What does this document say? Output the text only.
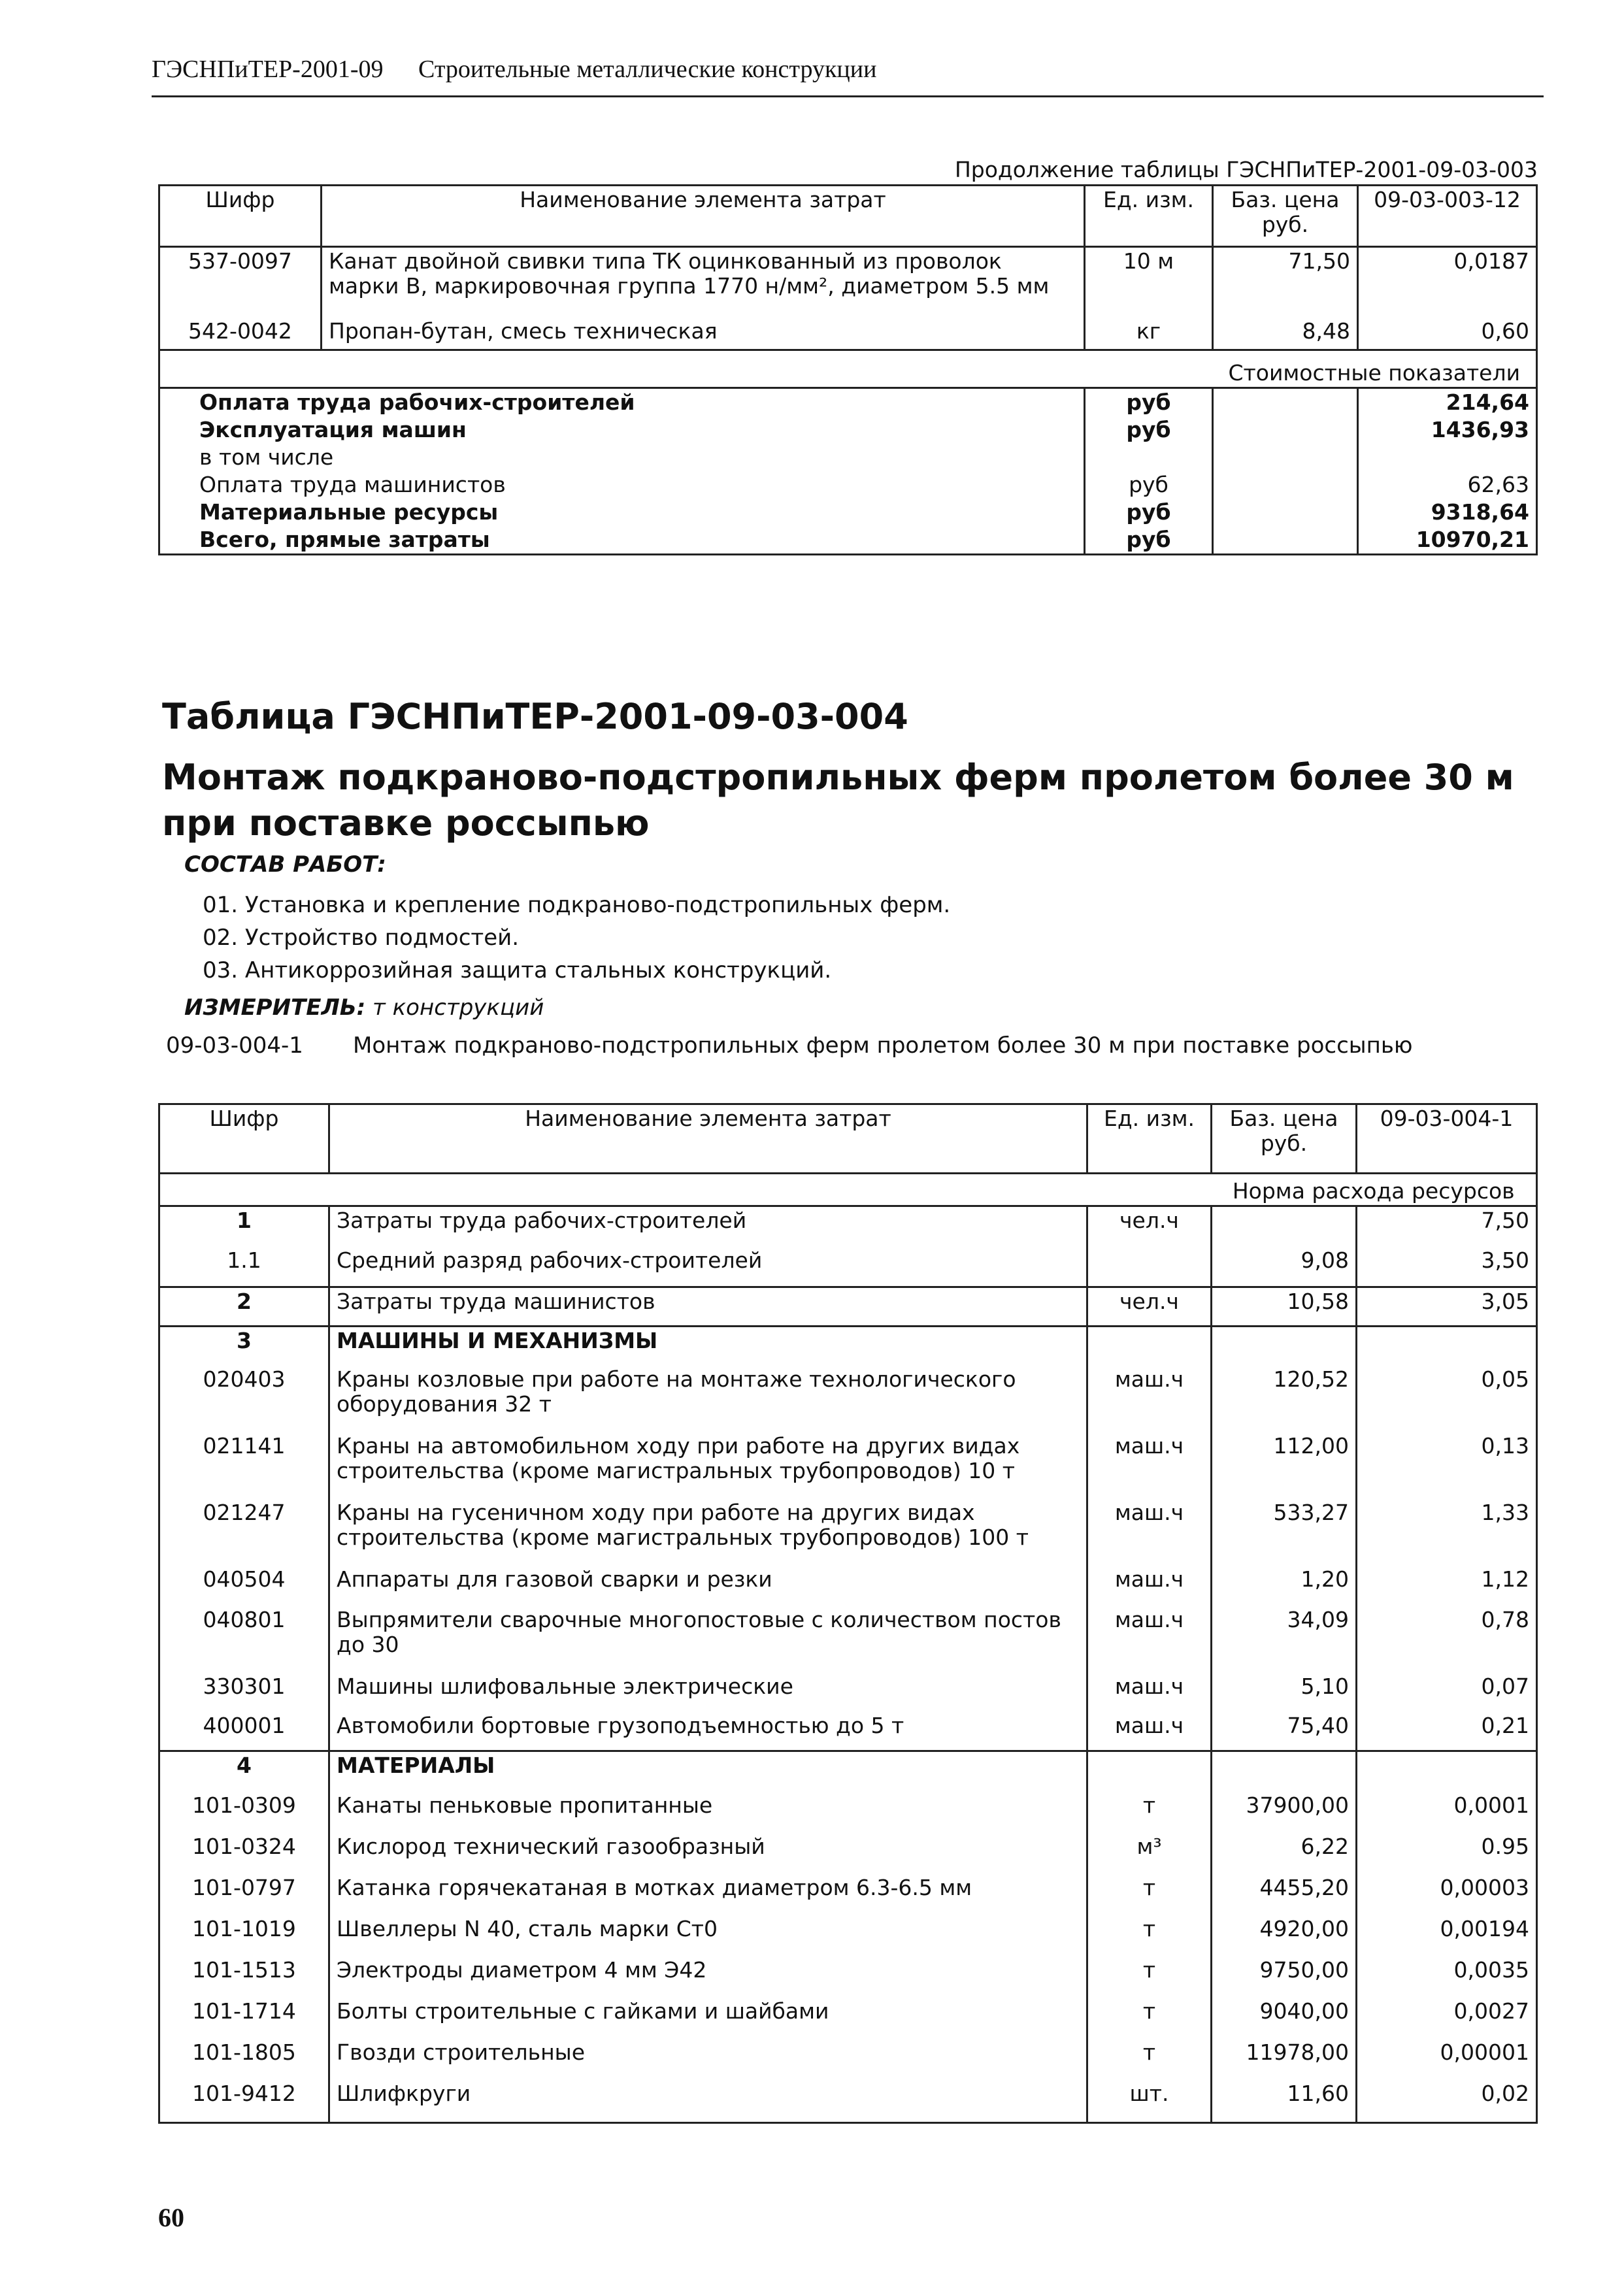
ГЭСНПиТЕР-2001-09 Строительные металлические конструкции
Продолжение таблицы ГЭСНПиТЕР-2001-09-03-003
Шифр	Наименование элемента затрат	Ед. изм.	Баз. цена руб.	09-03-003-12
537-0097	Канат двойной свивки типа ТК оцинкованный из проволок марки В, маркировочная группа 1770 н/мм², диаметром 5.5 мм	10 м	71,50	0,0187
542-0042	Пропан-бутан, смесь техническая	кг	8,48	0,60
			Стоимостные показатели	
Оплата труда рабочих-строителей		руб		214,64
Эксплуатация машин		руб		1436,93
в том числе				
Оплата труда машинистов		руб		62,63
Материальные ресурсы		руб		9318,64
Всего, прямые затраты		руб		10970,21
Таблица ГЭСНПиТЕР-2001-09-03-004
Монтаж подкраново-подстропильных ферм пролетом более 30 м при поставке россыпью
СОСТАВ РАБОТ:
01. Установка и крепление подкраново-подстропильных ферм.
02. Устройство подмостей.
03. Антикоррозийная защита стальных конструкций.
ИЗМЕРИТЕЛЬ: т конструкций
09-03-004-1 Монтаж подкраново-подстропильных ферм пролетом более 30 м при поставке россыпью
Шифр	Наименование элемента затрат	Ед. изм.	Баз. цена руб.	09-03-004-1
			Норма расхода ресурсов	
1	Затраты труда рабочих-строителей	чел.ч		7,50
1.1	Средний разряд рабочих-строителей		9,08	3,50
2	Затраты труда машинистов	чел.ч	10,58	3,05
3	МАШИНЫ И МЕХАНИЗМЫ			
020403	Краны козловые при работе на монтаже технологического оборудования 32 т	маш.ч	120,52	0,05
021141	Краны на автомобильном ходу при работе на других видах строительства (кроме магистральных трубопроводов) 10 т	маш.ч	112,00	0,13
021247	Краны на гусеничном ходу при работе на других видах строительства (кроме магистральных трубопроводов) 100 т	маш.ч	533,27	1,33
040504	Аппараты для газовой сварки и резки	маш.ч	1,20	1,12
040801	Выпрямители сварочные многопостовые с количеством постов до 30	маш.ч	34,09	0,78
330301	Машины шлифовальные электрические	маш.ч	5,10	0,07
400001	Автомобили бортовые грузоподъемностью до 5 т	маш.ч	75,40	0,21
4	МАТЕРИАЛЫ			
101-0309	Канаты пеньковые пропитанные	т	37900,00	0,0001
101-0324	Кислород технический газообразный	м³	6,22	0.95
101-0797	Катанка горячекатаная в мотках диаметром 6.3-6.5 мм	т	4455,20	0,00003
101-1019	Швеллеры N 40, сталь марки Ст0	т	4920,00	0,00194
101-1513	Электроды диаметром 4 мм Э42	т	9750,00	0,0035
101-1714	Болты строительные с гайками и шайбами	т	9040,00	0,0027
101-1805	Гвозди строительные	т	11978,00	0,00001
101-9412	Шлифкруги	шт.	11,60	0,02
60
